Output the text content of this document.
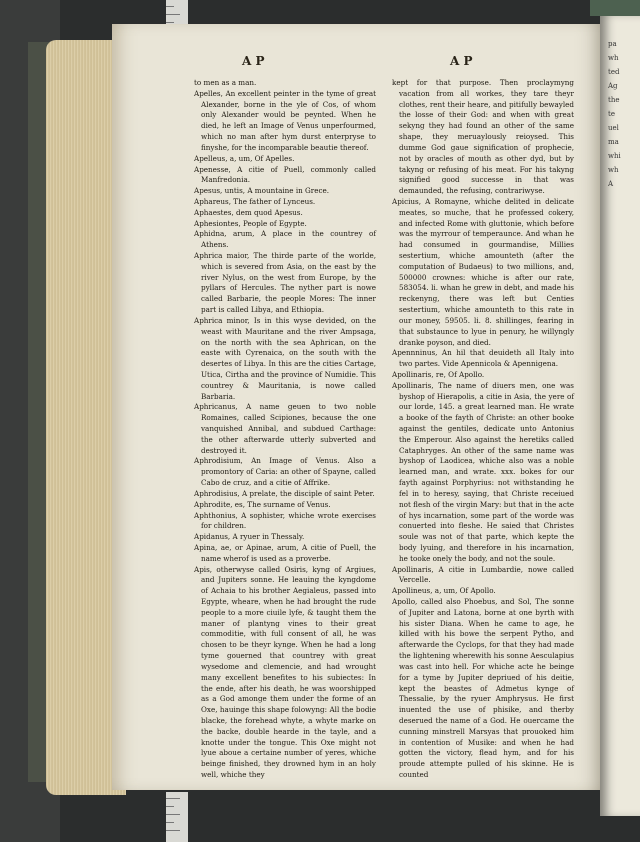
A P	A P

to men as a man.

Apelles, An excellent peinter in the tyme of great Alexander, borne in the yle of Cos, of whom only Alexander would be peynted. When he died, he left an Image of Venus unperfourmed, which no man after hym durst enterpryse to finyshe, for the incomparable beautie thereof.

Apelleus, a, um, Of Apelles.

Apenesse, A citie of Puell, commonly called Manfredonia.

Apesus, untis, A mountaine in Grece.

Aphareus, The father of Lynceus.

Aphaestes, dem quod Apesus.

Aphesiontes, People of Egypte.

Aphidna, arum, A place in the countrey of Athens.

Aphrica maior, The thirde parte of the worlde, which is severed from Asia, on the east by the river Nylus, on the west from Europe, by the pyllars of Hercules. The nyther part is nowe called Barbarie, the people Mores: The inner part is called Libya, and Ethiopia.

Aphrica minor, Is in this wyse devided, on the weast with Mauritane and the river Ampsaga, on the north with the sea Aphrican, on the easte with Cyrenaica, on the south with the desertes of Libya. In this are the cities Cartage, Utica, Cirtha and the province of Numidie. This countrey & Mauritania, is nowe called Barbaria.

Aphricanus, A name geuen to two noble Romaines, called Scipiones, because the one vanquished Annibal, and subdued Carthage: the other afterwarde utterly subverted and destroyed it.

Aphrodisium, An Image of Venus. Also a promontory of Caria: an other of Spayne, called Cabo de cruz, and a citie of Affrike.

Aphrodisius, A prelate, the disciple of saint Peter.

Aphrodite, es, The surname of Venus.

Aphthonius, A sophister, whiche wrote exercises for children.

Apidanus, A ryuer in Thessaly.

Apina, ae, or Apinae, arum, A citie of Puell, the name wherof is used as a proverbe.

Apis, otherwyse called Osiris, kyng of Argiues, and Jupiters sonne. He leauing the kyngdome of Achaia to his brother Aegialeus, passed into Egypte, wheare, when he had brought the rude people to a more ciuile lyfe, & taught them the maner of plantyng vines to their great commoditie, with full consent of all, he was chosen to be theyr kynge. When he had a long tyme gouerned that countrey with great wysedome and clemencie, and had wrought many excellent benefites to his subiectes: In the ende, after his death, he was woorshipped as a God amonge them under the forme of an Oxe, hauinge this shape folowyng: All the bodie blacke, the forehead whyte, a whyte marke on the backe, double hearde in the tayle, and a knotte under the tongue. This Oxe might not lyue aboue a certaine number of yeres, whiche beinge finished, they drowned hym in an holy well, whiche they

kept for that purpose. Then proclaymyng vacation from all workes, they tare theyr clothes, rent their heare, and pitifully bewayled the losse of their God: and when with great sekyng they had found an other of the same shape, they meruaylously reioysed. This dumme God gaue signification of prophecie, not by oracles of mouth as other dyd, but by takyng or refusing of his meat. For his takyng signified good successe in that was demaunded, the refusing, contrariwyse.

Apicius, A Romayne, whiche delited in delicate meates, so muche, that he professed cokery, and infected Rome with gluttonie, which before was the myrrour of temperaunce. And whan he had consumed in gourmandise, Millies sestertium, whiche amounteth (after the computation of Budaeus) to two millions, and, 500000 crownes: whiche is after our rate, 583054. li. whan he grew in debt, and made his reckenyng, there was left but Centies sestertium, whiche amounteth to this rate in our money, 59505. li. 8. shillinges, fearing in that substaunce to lyue in penury, he willyngly dranke poyson, and died.

Apennninus, An hil that deuideth all Italy into two partes. Vide Apennicola & Apennigena.

Apollinaris, re, Of Apollo.

Apollinaris, The name of diuers men, one was byshop of Hierapolis, a citie in Asia, the yere of our lorde, 145. a great learned man. He wrate a booke of the fayth of Christe: an other booke against the gentiles, dedicate unto Antonius the Emperour. Also against the heretiks called Cataphryges. An other of the same name was byshop of Laodicea, whiche also was a noble learned man, and wrate. xxx. bokes for our fayth against Porphyrius: not withstanding he fel in to heresy, saying, that Christe receiued not flesh of the virgin Mary: but that in the acte of hys incarnation, some part of the worde was conuerted into fleshe. He saied that Christes soule was not of that parte, which kepte the body lyuing, and therefore in his incarnation, he tooke onely the body, and not the soule.

Apollinaris, A citie in Lumbardie, nowe called Vercelle.

Apollineus, a, um, Of Apollo.

Apollo, called also Phoebus, and Sol, The sonne of Jupiter and Latona, borne at one byrth with his sister Diana. When he came to age, he killed with his bowe the serpent Pytho, and afterwarde the Cyclops, for that they had made the lightening wherewith his sonne Aesculapius was cast into hell. For whiche acte he beinge for a tyme by Jupiter depriued of his deitie, kept the beastes of Admetus kynge of Thessalie, by the ryuer Amphrysus. He first inuented the use of phisike, and therby deserued the name of a God. He ouercame the cunning minstrell Marsyas that prouoked him in contention of Musike: and when he had gotten the victory, flead hym, and for his proude attempte pulled of his skinne. He is counted

pa
wh
ted
Ag
the
te
uel
ma
whi
wh
A
